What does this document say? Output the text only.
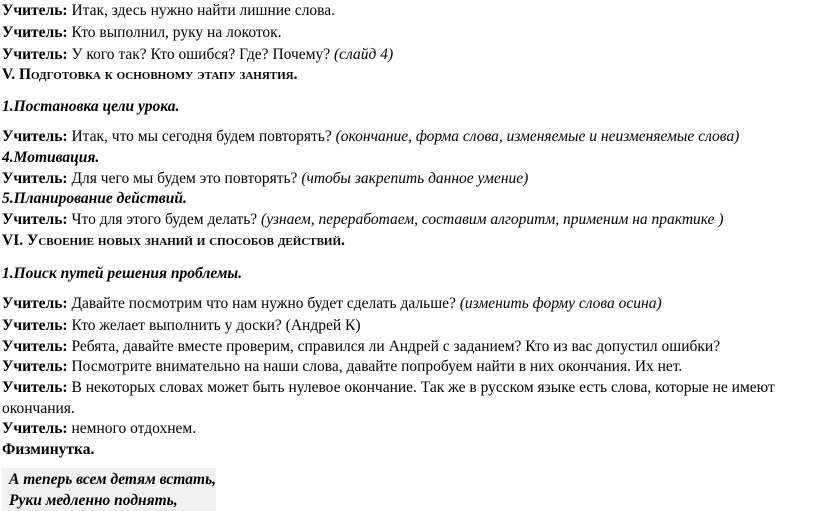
Учитель: Итак, здесь нужно найти лишние слова.
Учитель: Кто выполнил, руку на локоток.
Учитель: У кого так? Кто ошибся? Где? Почему? (слайд 4)
V. Подготовка к основному этапу занятия.
1.Постановка цели урока.
Учитель: Итак, что мы сегодня будем повторять? (окончание, форма слова, изменяемые и неизменяемые слова)
4.Мотивация.
Учитель: Для чего мы будем это повторять? (чтобы закрепить данное умение)
5.Планирование действий.
Учитель: Что для этого будем делать? (узнаем, переработаем, составим алгоритм, применим на практике )
VI. Усвоение новых знаний и способов действий.
1.Поиск путей решения проблемы.
Учитель: Давайте посмотрим что нам нужно будет сделать дальше? (изменить форму слова осина)
Учитель: Кто желает выполнить у доски? (Андрей К)
Учитель: Ребята, давайте вместе проверим, справился ли Андрей с заданием? Кто из вас допустил ошибки?
Учитель: Посмотрите внимательно на наши слова, давайте попробуем найти в них окончания. Их нет.
Учитель: В некоторых словах может быть нулевое окончание. Так же в русском языке есть слова, которые не имеют
окончания.
Учитель: немного отдохнем.
Физминутка.
А теперь всем детям встать,
Руки медленно поднять,
